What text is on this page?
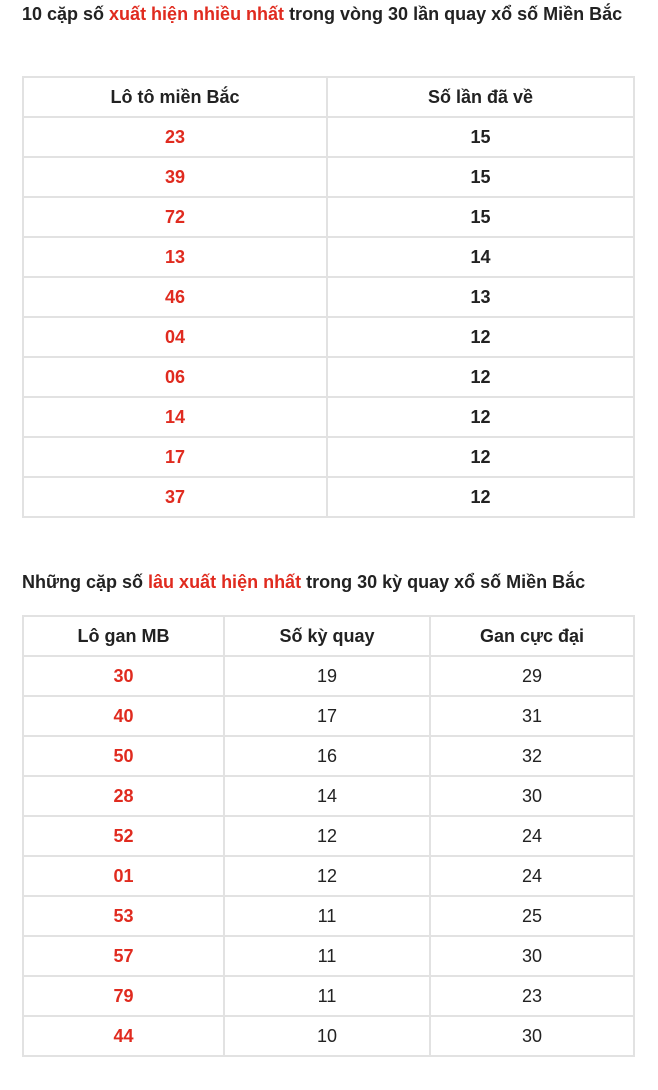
10 cặp số xuất hiện nhiều nhất trong vòng 30 lần quay xổ số Miền Bắc
Lô tô miền Bắc	Số lần đã về
23	15
39	15
72	15
13	14
46	13
04	12
06	12
14	12
17	12
37	12
Những cặp số lâu xuất hiện nhất trong 30 kỳ quay xổ số Miền Bắc
Lô gan MB	Số kỳ quay	Gan cực đại
30	19	29
40	17	31
50	16	32
28	14	30
52	12	24
01	12	24
53	11	25
57	11	30
79	11	23
44	10	30
